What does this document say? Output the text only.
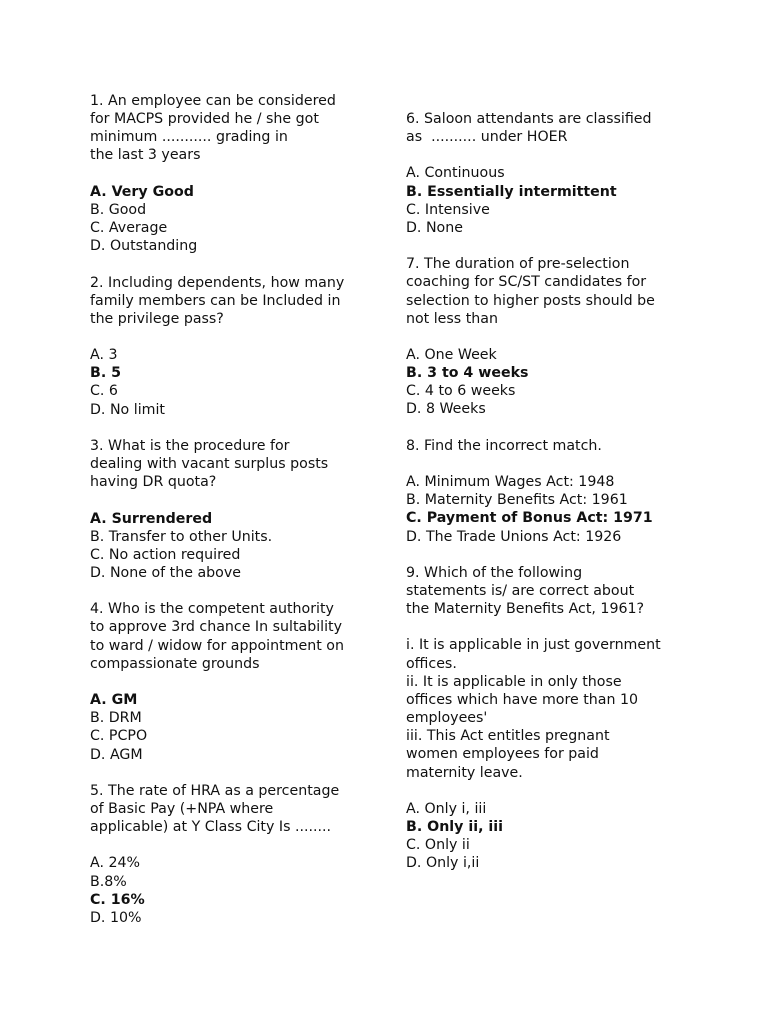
1. An employee can be considered
for MACPS provided he / she got
minimum ........... grading in
the last 3 years
A. Very Good
B. Good
C. Average
D. Outstanding
2. Including dependents, how many
family members can be Included in
the privilege pass?
A. 3
B. 5
C. 6
D. No limit
3. What is the procedure for
dealing with vacant surplus posts
having DR quota?
A. Surrendered
B. Transfer to other Units.
C. No action required
D. None of the above
4. Who is the competent authority
to approve 3rd chance In sultability
to ward / widow for appointment on
compassionate grounds
A. GM
B. DRM
C. PCPO
D. AGM
5. The rate of HRA as a percentage
of Basic Pay (+NPA where
applicable) at Y Class City Is ........
A. 24%
B.8%
C. 16%
D. 10%
6. Saloon attendants are classified
as  .......... under HOER
A. Continuous
B. Essentially intermittent
C. Intensive
D. None
7. The duration of pre-selection
coaching for SC/ST candidates for
selection to higher posts should be
not less than
A. One Week
B. 3 to 4 weeks
C. 4 to 6 weeks
D. 8 Weeks
8. Find the incorrect match.
A. Minimum Wages Act: 1948
B. Maternity Benefits Act: 1961
C. Payment of Bonus Act: 1971
D. The Trade Unions Act: 1926
9. Which of the following
statements is/ are correct about
the Maternity Benefits Act, 1961?
i. It is applicable in just government
offices.
ii. It is applicable in only those
offices which have more than 10
employees'
iii. This Act entitles pregnant
women employees for paid
maternity leave.
A. Only i, iii
B. Only ii, iii
C. Only ii
D. Only i,ii
